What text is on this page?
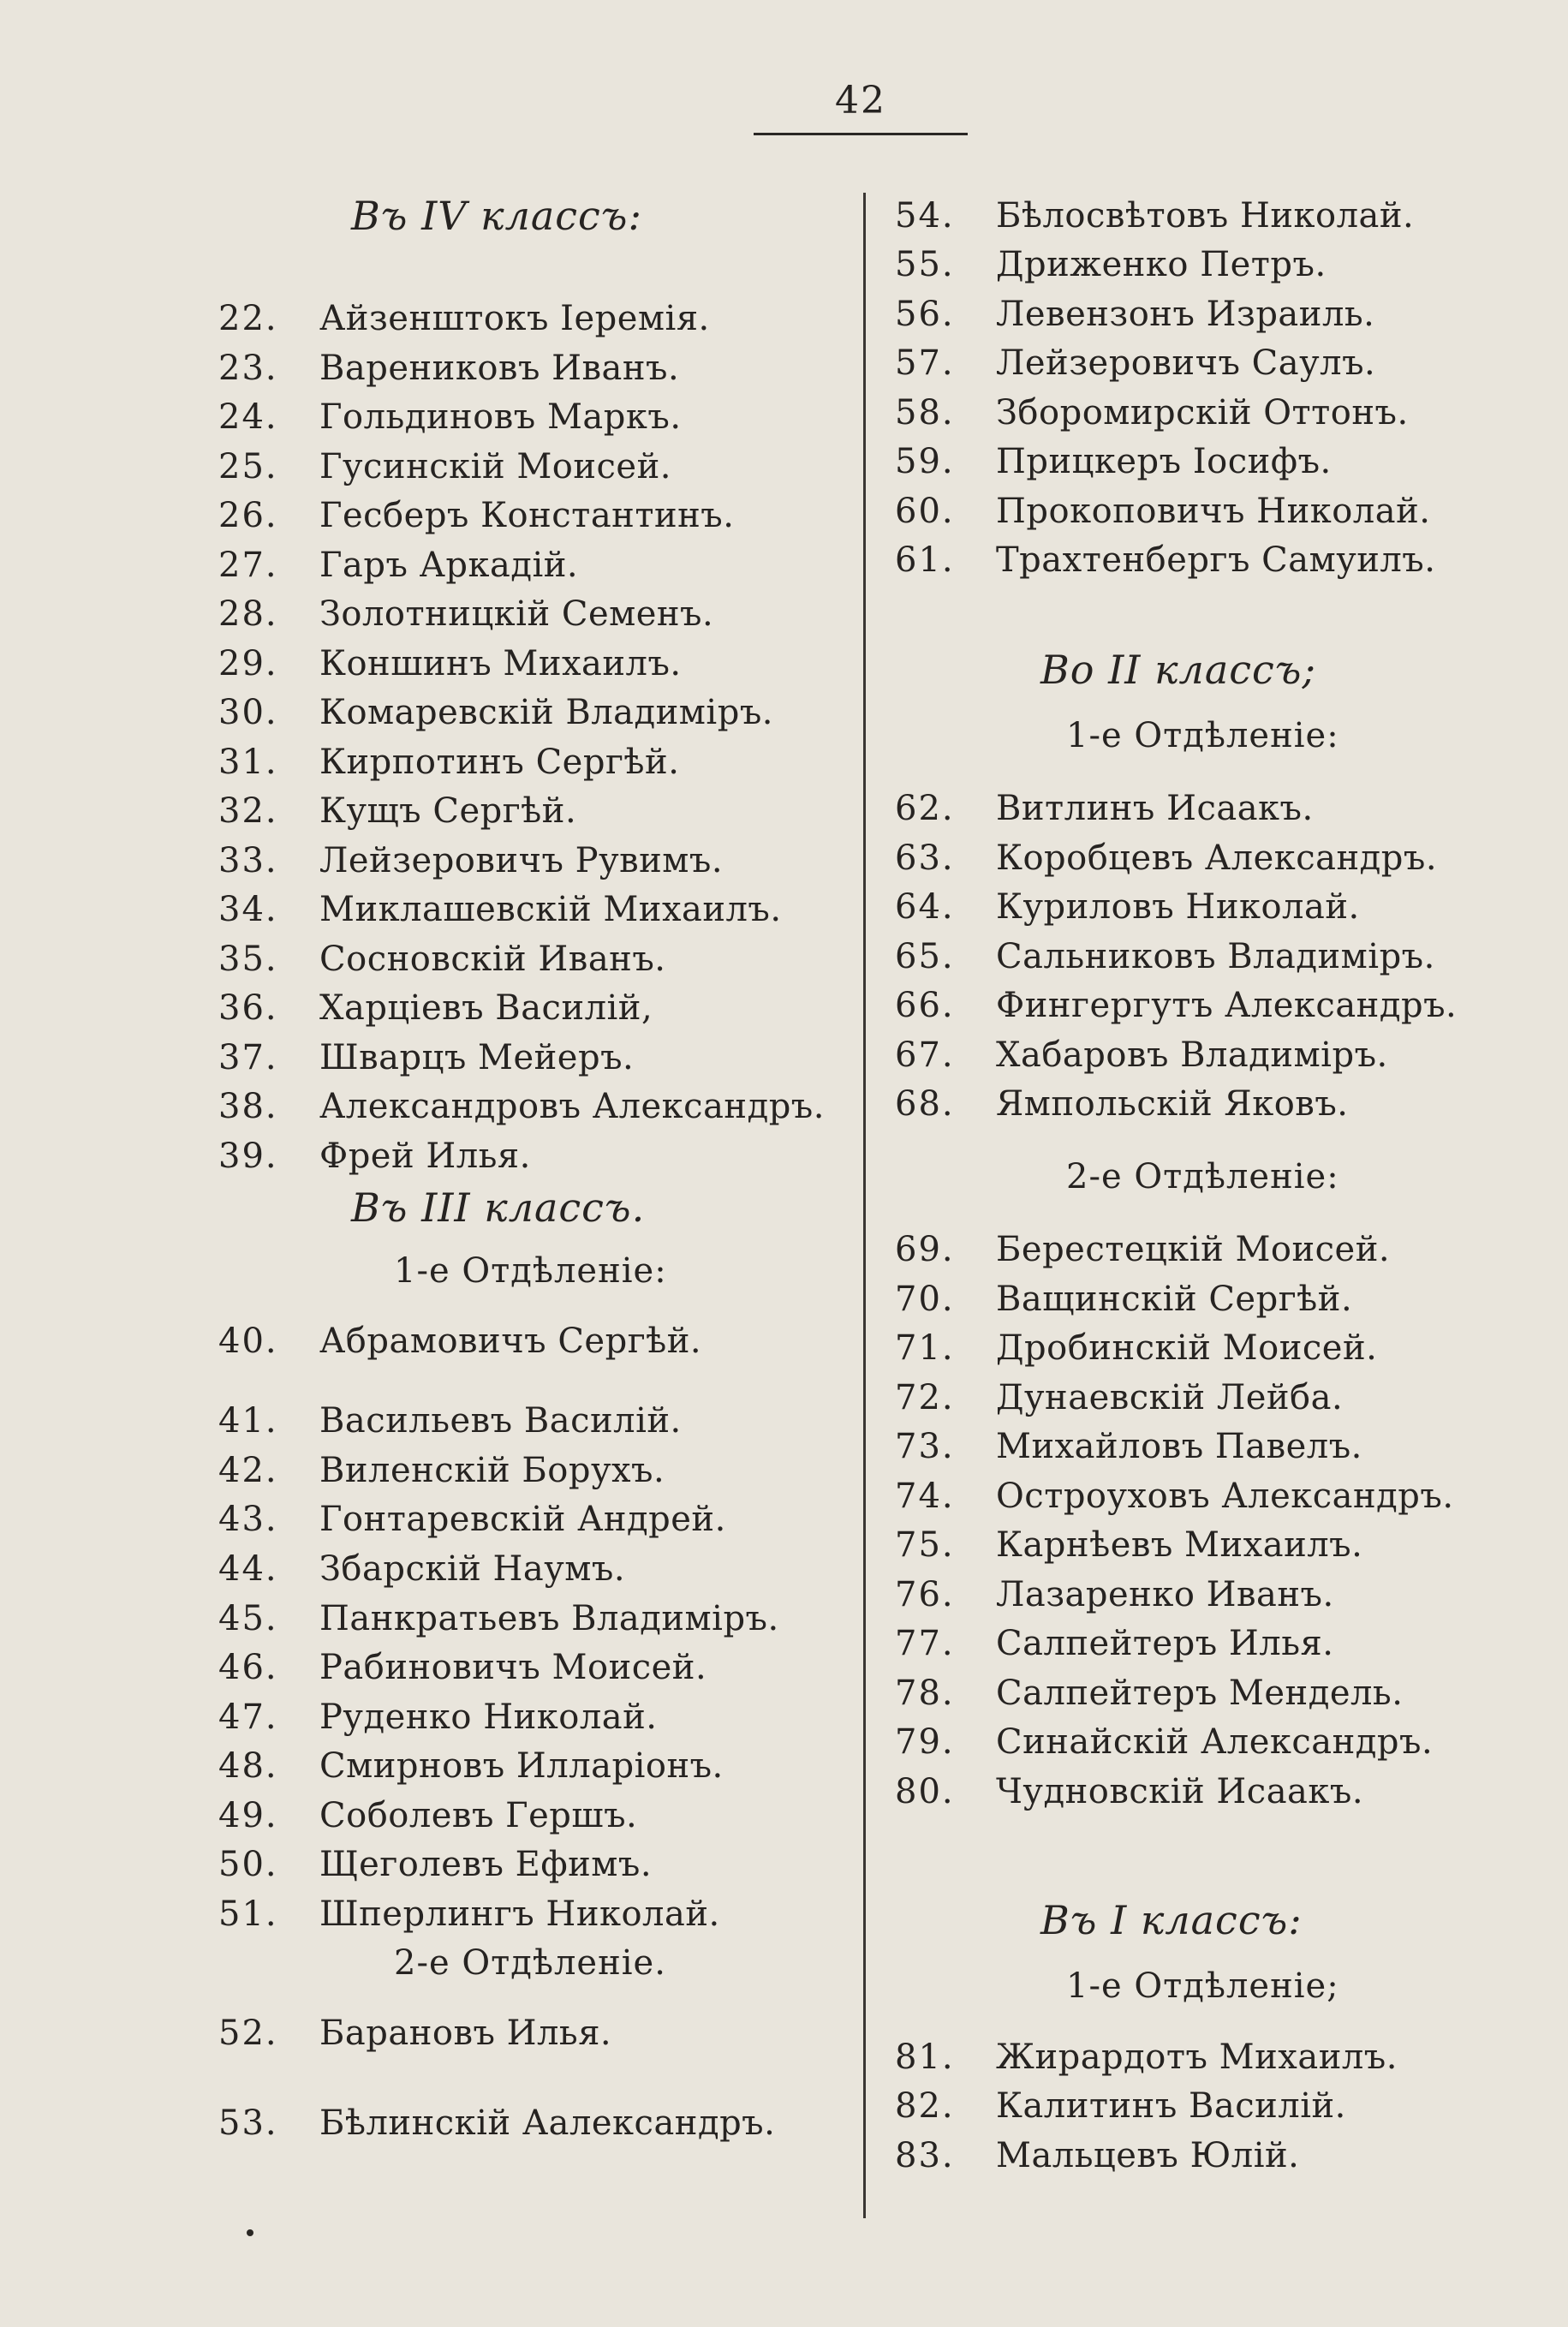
42
Въ IV классъ:
22. Айзенштокъ Іеремія.
23. Варениковъ Иванъ.
24. Гольдиновъ Маркъ.
25. Гусинскій Моисей.
26. Гесберъ Константинъ.
27. Гаръ Аркадій.
28. Золотницкій Семенъ.
29. Коншинъ Михаилъ.
30. Комаревскій Владиміръ.
31. Кирпотинъ Сергѣй.
32. Кущъ Сергѣй.
33. Лейзеровичъ Рувимъ.
34. Миклашевскій Михаилъ.
35. Сосновскій Иванъ.
36. Харціевъ Василій,
37. Шварцъ Мейеръ.
38. Александровъ Александръ.
39. Фрей Илья.
Въ III классъ.
1-е Отдѣленіе:
40. Абрамовичъ Сергѣй.
41. Васильевъ Василій.
42. Виленскій Борухъ.
43. Гонтаревскій Андрей.
44. Збарскій Наумъ.
45. Панкратьевъ Владиміръ.
46. Рабиновичъ Моисей.
47. Руденко Николай.
48. Смирновъ Илларіонъ.
49. Соболевъ Гершъ.
50. Щеголевъ Ефимъ.
51. Шперлингъ Николай.
2-е Отдѣленіе.
52. Барановъ Илья.
53. Бѣлинскій Аалександръ.
54. Бѣлосвѣтовъ Николай.
55. Дриженко Петръ.
56. Левензонъ Израиль.
57. Лейзеровичъ Саулъ.
58. Збоpомирскій Оттонъ.
59. Прицкеръ Іосифъ.
60. Прокоповичъ Николай.
61. Трахтенбергъ Самуилъ.
Во II классъ;
1-е Отдѣленіе:
62. Витлинъ Исаакъ.
63. Коробцевъ Александръ.
64. Куриловъ Николай.
65. Сальниковъ Владиміръ.
66. Фингергутъ Александръ.
67. Хабаровъ Владиміръ.
68. Ямпольскій Яковъ.
2-е Отдѣленіе:
69. Берестецкій Моисей.
70. Ващинскій Сергѣй.
71. Дробинскій Моисей.
72. Дунаевскій Лейба.
73. Михайловъ Павелъ.
74. Остроуховъ Александръ.
75. Карнѣевъ Михаилъ.
76. Лазаренко Иванъ.
77. Салпейтеръ Илья.
78. Салпейтеръ Мендель.
79. Синайскій Александръ.
80. Чудновскій Исаакъ.
Въ I классъ:
1-е Отдѣленіе;
81. Жирардотъ Михаилъ.
82. Калитинъ Василій.
83. Мальцевъ Юлій.
